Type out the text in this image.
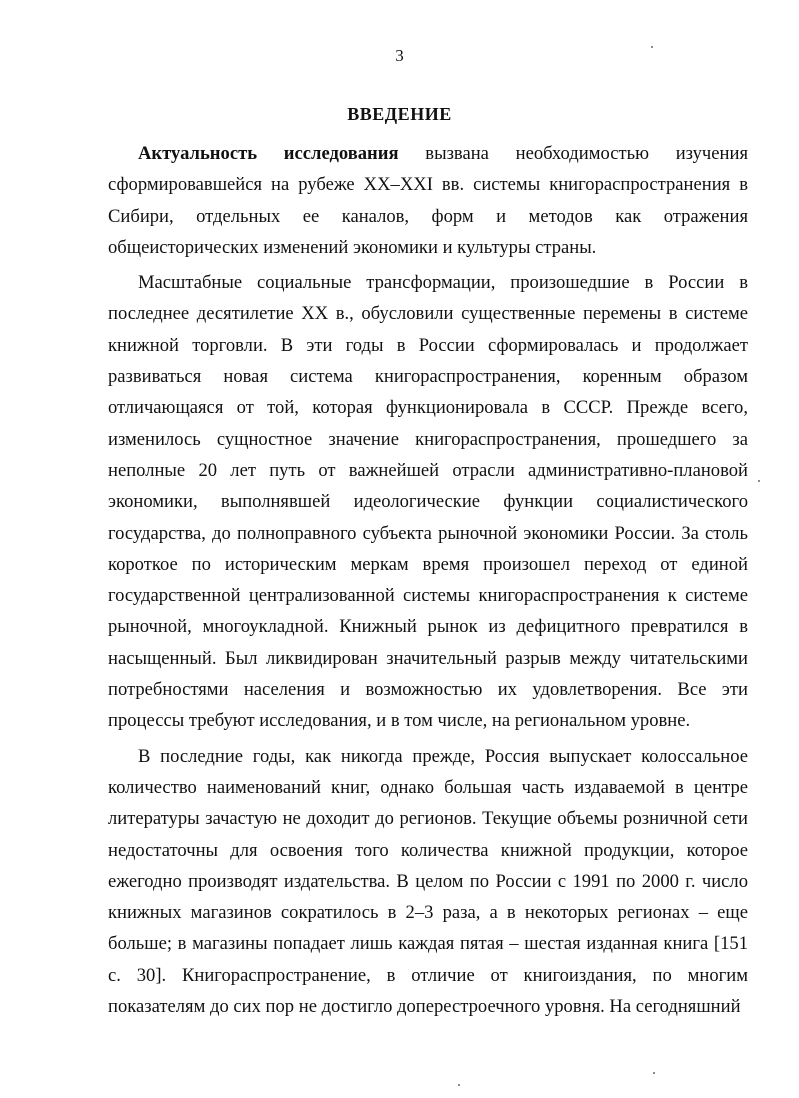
3
ВВЕДЕНИЕ

Актуальность исследования вызвана необходимостью изучения сформировавшейся на рубеже XX–XXI вв. системы книгораспространения в Сибири, отдельных ее каналов, форм и методов как отражения общеисторических изменений экономики и культуры страны.

Масштабные социальные трансформации, произошедшие в России в последнее десятилетие XX в., обусловили существенные перемены в системе книжной торговли. В эти годы в России сформировалась и продолжает развиваться новая система книгораспространения, коренным образом отличающаяся от той, которая функционировала в СССР. Прежде всего, изменилось сущностное значение книгораспространения, прошедшего за неполные 20 лет путь от важнейшей отрасли административно-плановой экономики, выполнявшей идеологические функции социалистического государства, до полноправного субъекта рыночной экономики России. За столь короткое по историческим меркам время произошел переход от единой государственной централизованной системы книгораспространения к системе рыночной, многоукладной. Книжный рынок из дефицитного превратился в насыщенный. Был ликвидирован значительный разрыв между читательскими потребностями населения и возможностью их удовлетворения. Все эти процессы требуют исследования, и в том числе, на региональном уровне.

В последние годы, как никогда прежде, Россия выпускает колоссальное количество наименований книг, однако большая часть издаваемой в центре литературы зачастую не доходит до регионов. Текущие объемы розничной сети недостаточны для освоения того количества книжной продукции, которое ежегодно производят издательства. В целом по России с 1991 по 2000 г. число книжных магазинов сократилось в 2–3 раза, а в некоторых регионах – еще больше; в магазины попадает лишь каждая пятая – шестая изданная книга [151 с. 30]. Книгораспространение, в отличие от книгоиздания, по многим показателям до сих пор не достигло доперестроечного уровня. На сегодняшний
